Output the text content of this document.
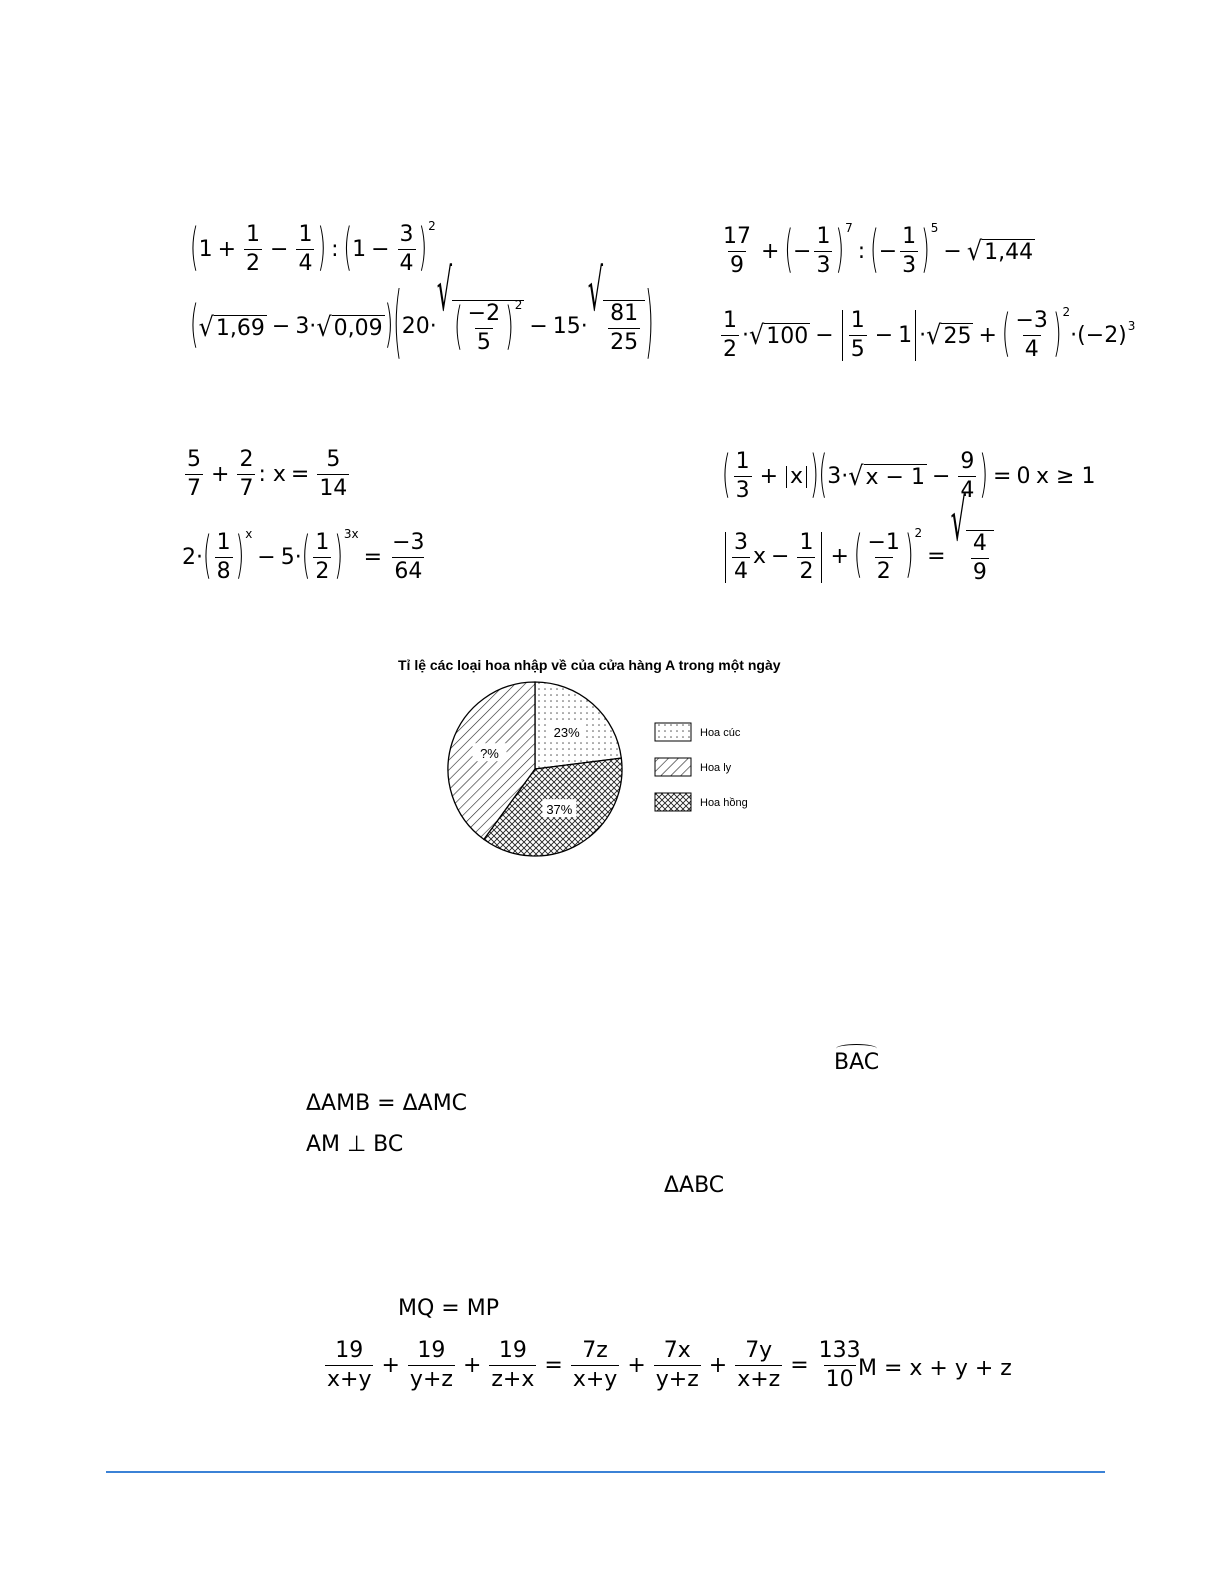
( $1 + \frac{1}{2} - \frac{1}{4}$ ) : ( $1 - \frac{3}{4}$ ) 2
$\frac{17}{9}$ + ( − $\frac{1}{3}$ ) 7
: ( − $\frac{1}{3}$ ) 5
− √ 1,44
( √ 1,69 − 3· √ 0,09 ) ( 20 ·
√
( $\frac{-2}{5}$ ) 2
− 15 ·
√
$\frac{81}{25}$ )	$\frac{1}{2}$ · √ $100 - \frac{1}{5} - 1$ · √ 25 + ( $\frac{-3}{4}$ ) 2
· (−2) 3
$\frac{5}{7} + \frac{2}{7}$ : $x = \frac{5}{14}$	( $\frac{1}{3} + x$ ) ( 3· √ $x - 1 - \frac{9}{4}$ ) = 0 x ≥ 1
2· ( $\frac{1}{8}$ ) x
− 5· ( $\frac{1}{2}$ ) 3x
= $\frac{-3}{64}$	$\frac{3}{4}$ $x - \frac{1}{2}$ + ( $\frac{-1}{2}$ ) 2
=
√
$\frac{4}{9}$
Tỉ lệ các loại hoa nhập về của cửa hàng A trong một ngày
23%
37%
?%
Hoa cúc
Hoa ly
Hoa hồng
BAC
ΔAMB = ΔAMC
AM ⊥ BC
ΔABC
MQ = MP
$\frac{19}{x+y} + \frac{19}{y+z} + \frac{19}{z+x} = \frac{7z}{x+y} + \frac{7x}{y+z} + \frac{7y}{x+z} = \frac{133}{10}$
M = x + y + z
